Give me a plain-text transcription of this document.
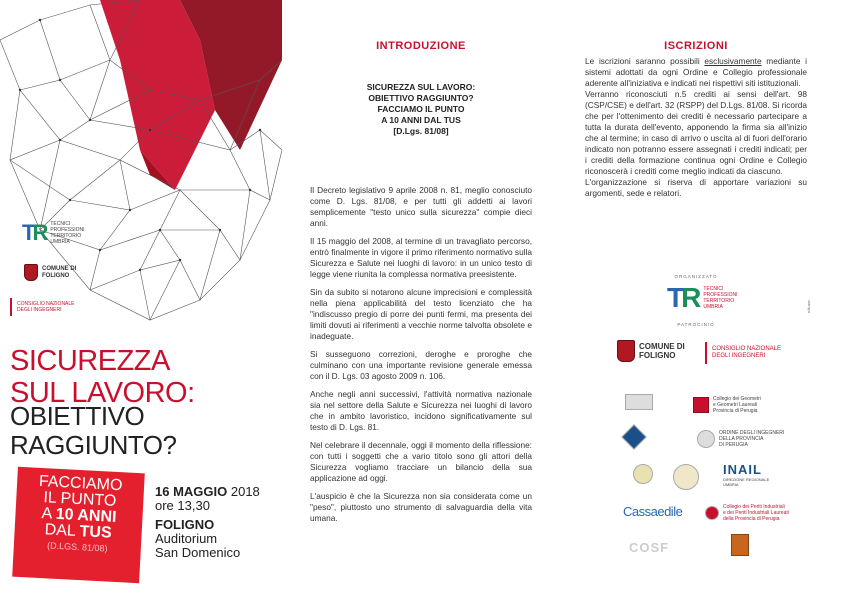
TR TECNICI
PROFESSIONI
TERRITORIO
UMBRIA
COMUNE DI
FOLIGNO
CONSIGLIO NAZIONALE
DEGLI INGEGNERI
SICUREZZA
SUL LAVORO:
OBIETTIVO
RAGGIUNTO?
FACCIAMO
IL PUNTO
A 10 ANNI
DAL TUS
(D.LGS. 81/08)
16 MAGGIO 2018
ore 13,30
FOLIGNO
Auditorium
San Domenico
INTRODUZIONE
SICUREZZA SUL LAVORO:
OBIETTIVO RAGGIUNTO?
FACCIAMO IL PUNTO
A 10 ANNI DAL TUS
[D.Lgs. 81/08]

Il Decreto legislativo 9 aprile 2008 n. 81, meglio conosciuto come D. Lgs. 81/08, e per tutti gli addetti ai lavori semplicemente "testo unico sulla sicurezza" compie dieci anni.

Il 15 maggio del 2008, al termine di un travagliato percorso, entrò finalmente in vigore il primo riferimento normativo sulla Sicurezza e Salute nei luoghi di lavoro: in un unico testo di legge viene riunita la complessa normativa preesistente.

Sin da subito si notarono alcune imprecisioni e complessità nella piena applicabilità del testo licenziato che ha "indiscusso pregio di porre dei punti fermi, ma presenta dei limiti dovuti ai riferimenti a vecchie norme talvolta obsolete e inadeguate.

Si susseguono correzioni, deroghe e proroghe che culminano con una importante revisione generale emessa con il D. Lgs. 03 agosto 2009 n. 106.

Anche negli anni successivi, l'attività normativa nazionale sia nel settore della Salute e Sicurezza nei luoghi di lavoro che in ambito lavoristico, incidono significativamente sul testo di D. Lgs. 81.

Nel celebrare il decennale, oggi il momento della riflessione: con tutti i soggetti che a vario titolo sono gli attori della Sicurezza vogliamo tracciare un bilancio della sua applicazione ad oggi.

L'auspicio è che la Sicurezza non sia considerata come un "peso", piuttosto uno strumento di salvaguardia della vita umana.

ISCRIZIONI

Le iscrizioni saranno possibili esclusivamente mediante i sistemi adottati da ogni Ordine e Collegio professionale aderente all'iniziativa e indicati nei rispettivi siti istituzionali.

Verranno riconosciuti n.5 crediti ai sensi dell'art. 98 (CSP/CSE) e dell'art. 32 (RSPP) del D.Lgs. 81/08. Si ricorda che per l'ottenimento dei crediti è necessario partecipare a tutta la durata dell'evento, apponendo la firma sia all'inizio che al termine; in caso di arrivo o uscita al di fuori dell'orario indicato non potranno essere assegnati i crediti indicati; per i crediti della formazione continua ogni Ordine e Collegio riconoscerà i crediti come meglio indicati da ciascuno.

L'organizzazione si riserva di apportare variazioni su argomenti, sede e relatori.

ORGANIZZATO
TR TECNICI
PROFESSIONI
TERRITORIO
UMBRIA
PATROCINIO
COMUNE DI
FOLIGNO
CONSIGLIO NAZIONALE
DEGLI INGEGNERI
Collegio dei Geometri
e Geometri Laureati
Provincia di Perugia
ORDINE DEGLI INGEGNERI
DELLA PROVINCIA
DI PERUGIA
INAIL
DIREZIONE REGIONALE
UMBRIA
Cassaedile	Collegio dei Periti Industriali
e dei Periti Industriali Laureati
della Provincia di Perugia
COSF
stampa
